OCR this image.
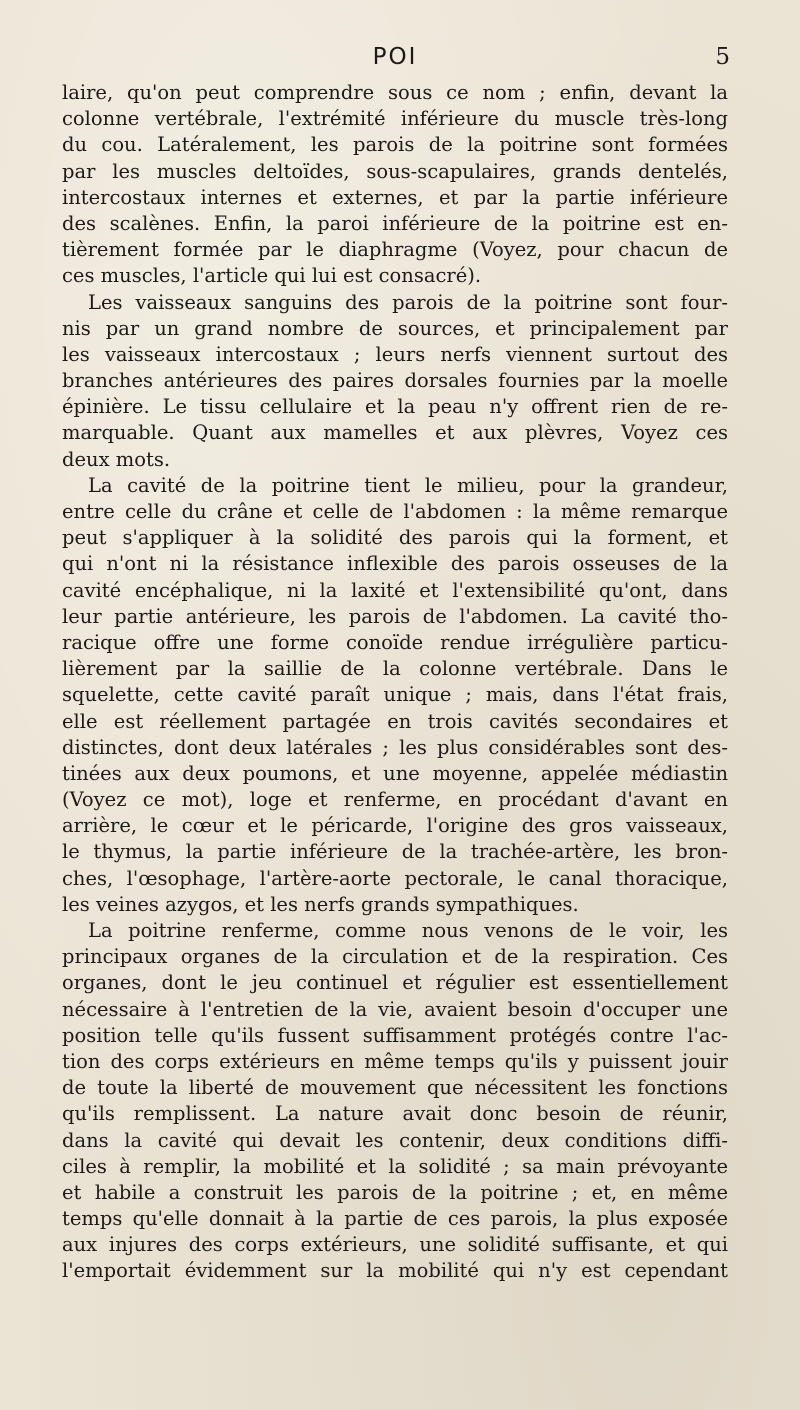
POI	5
laire, qu'on peut comprendre sous ce nom ; enfin, devant la
colonne vertébrale, l'extrémité inférieure du muscle très-long
du cou. Latéralement, les parois de la poitrine sont formées
par les muscles deltoïdes, sous-scapulaires, grands dentelés,
intercostaux internes et externes, et par la partie inférieure
des scalènes. Enfin, la paroi inférieure de la poitrine est en-
tièrement formée par le diaphragme (Voyez, pour chacun de
ces muscles, l'article qui lui est consacré).
Les vaisseaux sanguins des parois de la poitrine sont four-
nis par un grand nombre de sources, et principalement par
les vaisseaux intercostaux ; leurs nerfs viennent surtout des
branches antérieures des paires dorsales fournies par la moelle
épinière. Le tissu cellulaire et la peau n'y offrent rien de re-
marquable. Quant aux mamelles et aux plèvres, Voyez ces
deux mots.
La cavité de la poitrine tient le milieu, pour la grandeur,
entre celle du crâne et celle de l'abdomen : la même remarque
peut s'appliquer à la solidité des parois qui la forment, et
qui n'ont ni la résistance inflexible des parois osseuses de la
cavité encéphalique, ni la laxité et l'extensibilité qu'ont, dans
leur partie antérieure, les parois de l'abdomen. La cavité tho-
racique offre une forme conoïde rendue irrégulière particu-
lièrement par la saillie de la colonne vertébrale. Dans le
squelette, cette cavité paraît unique ; mais, dans l'état frais,
elle est réellement partagée en trois cavités secondaires et
distinctes, dont deux latérales ; les plus considérables sont des-
tinées aux deux poumons, et une moyenne, appelée médiastin
(Voyez ce mot), loge et renferme, en procédant d'avant en
arrière, le cœur et le péricarde, l'origine des gros vaisseaux,
le thymus, la partie inférieure de la trachée-artère, les bron-
ches, l'œsophage, l'artère-aorte pectorale, le canal thoracique,
les veines azygos, et les nerfs grands sympathiques.
La poitrine renferme, comme nous venons de le voir, les
principaux organes de la circulation et de la respiration. Ces
organes, dont le jeu continuel et régulier est essentiellement
nécessaire à l'entretien de la vie, avaient besoin d'occuper une
position telle qu'ils fussent suffisamment protégés contre l'ac-
tion des corps extérieurs en même temps qu'ils y puissent jouir
de toute la liberté de mouvement que nécessitent les fonctions
qu'ils remplissent. La nature avait donc besoin de réunir,
dans la cavité qui devait les contenir, deux conditions diffi-
ciles à remplir, la mobilité et la solidité ; sa main prévoyante
et habile a construit les parois de la poitrine ; et, en même
temps qu'elle donnait à la partie de ces parois, la plus exposée
aux injures des corps extérieurs, une solidité suffisante, et qui
l'emportait évidemment sur la mobilité qui n'y est cependant
